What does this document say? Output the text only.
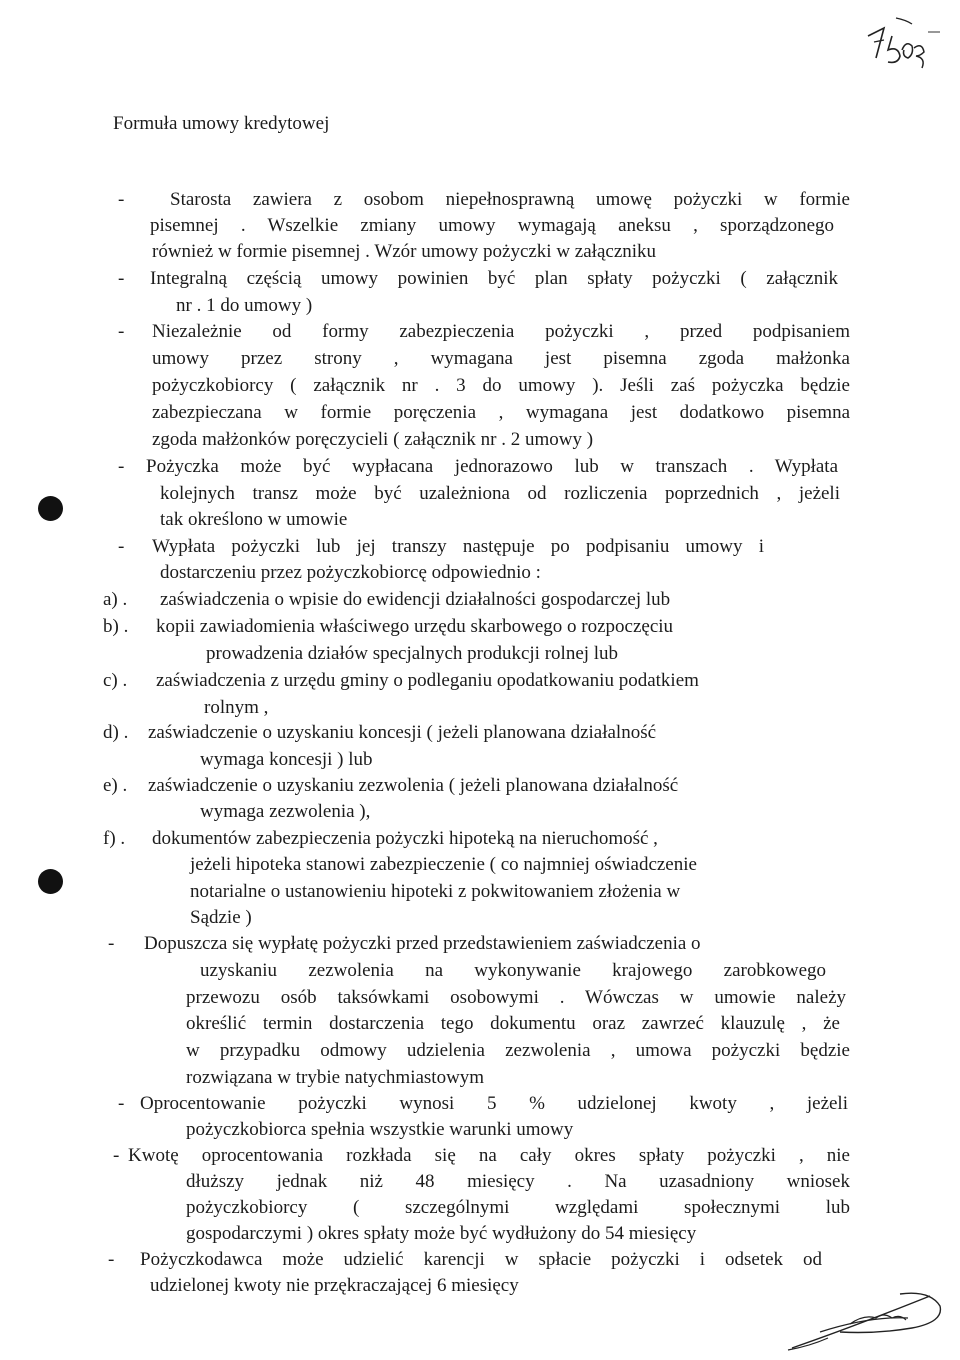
Formuła umowy kredytowej
-
-
-
-
-
-
-
-
-
a) .
b) .
c) .
d) .
e) .
f) .
Starosta zawiera z osobom niepełnosprawną umowę pożyczki w formie
pisemnej . Wszelkie zmiany umowy wymagają aneksu , sporządzonego
również w formie pisemnej . Wzór umowy pożyczki w załączniku
Integralną częścią umowy powinien być plan spłaty pożyczki ( załącznik
nr . 1 do umowy )
Niezależnie od formy zabezpieczenia pożyczki , przed podpisaniem
umowy przez strony , wymagana jest pisemna zgoda małżonka
pożyczkobiorcy ( załącznik nr . 3 do umowy ). Jeśli zaś pożyczka będzie
zabezpieczana w formie poręczenia , wymagana jest dodatkowo pisemna
zgoda małżonków poręczycieli ( załącznik nr . 2 umowy )
Pożyczka może być wypłacana jednorazowo lub w transzach . Wypłata
kolejnych transz może być uzależniona od rozliczenia poprzednich , jeżeli
tak określono w umowie
Wypłata pożyczki lub jej transzy następuje po podpisaniu umowy i
dostarczeniu przez pożyczkobiorcę odpowiednio :
zaświadczenia o wpisie do ewidencji działalności gospodarczej lub
kopii zawiadomienia właściwego urzędu skarbowego o rozpoczęciu
prowadzenia działów specjalnych produkcji rolnej lub
zaświadczenia z urzędu gminy o podleganiu opodatkowaniu podatkiem
rolnym ,
zaświadczenie o uzyskaniu koncesji ( jeżeli planowana działalność
wymaga koncesji ) lub
zaświadczenie o uzyskaniu zezwolenia ( jeżeli planowana działalność
wymaga zezwolenia ),
dokumentów zabezpieczenia pożyczki hipoteką na nieruchomość ,
jeżeli hipoteka stanowi zabezpieczenie ( co najmniej oświadczenie
notarialne o ustanowieniu hipoteki z pokwitowaniem złożenia w
Sądzie )
Dopuszcza się wypłatę pożyczki przed przedstawieniem zaświadczenia o
uzyskaniu zezwolenia na wykonywanie krajowego zarobkowego
przewozu osób taksówkami osobowymi . Wówczas w umowie należy
określić termin dostarczenia tego dokumentu oraz zawrzeć klauzulę , że
w przypadku odmowy udzielenia zezwolenia , umowa pożyczki będzie
rozwiązana w trybie natychmiastowym
Oprocentowanie pożyczki wynosi 5 % udzielonej kwoty , jeżeli
pożyczkobiorca spełnia wszystkie warunki umowy
Kwotę oprocentowania rozkłada się na cały okres spłaty pożyczki , nie
dłuższy jednak niż 48 miesięcy . Na uzasadniony wniosek
pożyczkobiorcy ( szczególnymi względami społecznymi lub
gospodarczymi ) okres spłaty może być wydłużony do 54 miesięcy
Pożyczkodawca może udzielić karencji w spłacie pożyczki i odsetek od
udzielonej kwoty nie przękraczającej 6 miesięcy
